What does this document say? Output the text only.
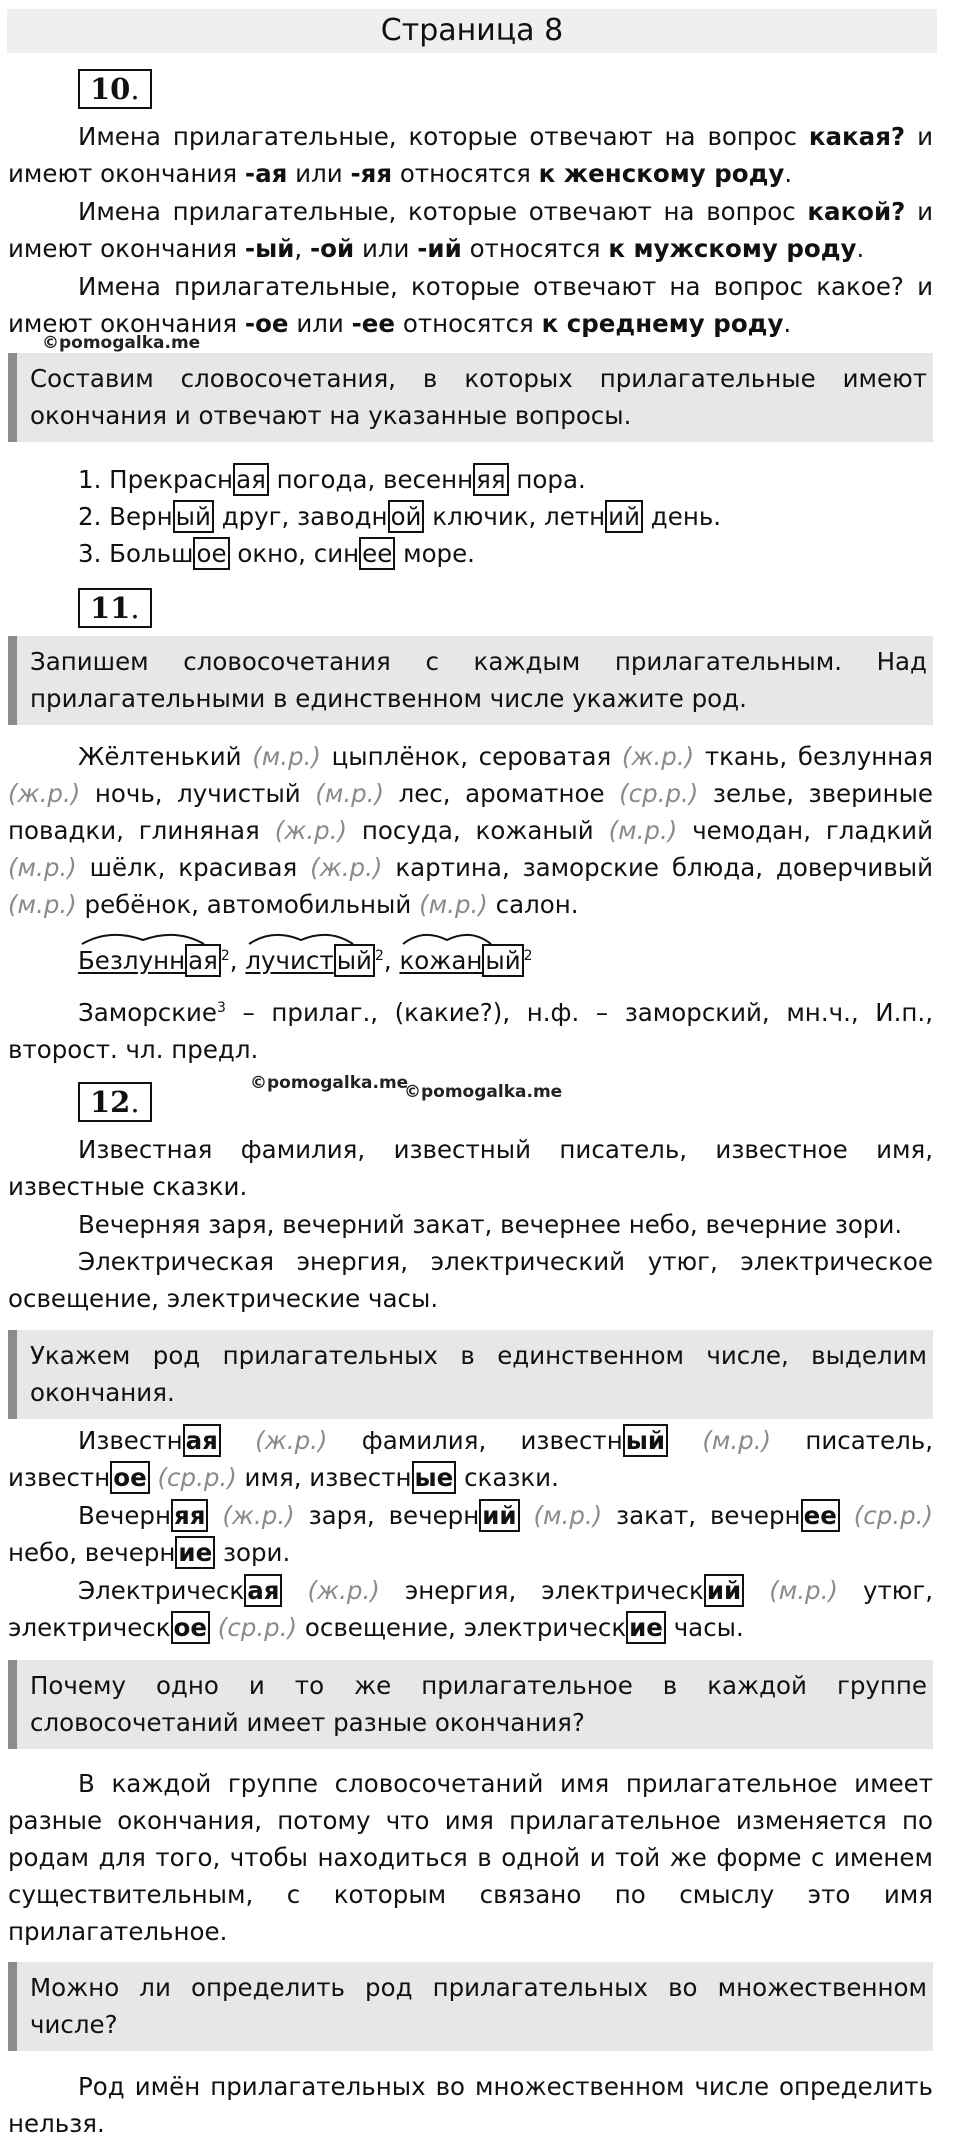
Страница 8
10.
Имена прилагательные, которые отвечают на вопрос какая? и имеют окончания -ая или -яя относятся к женскому роду.
Имена прилагательные, которые отвечают на вопрос какой? и имеют окончания -ый, -ой или -ий относятся к мужскому роду.
Имена прилагательные, которые отвечают на вопрос какое? и имеют окончания -ое или -ее относятся к среднему роду.
©pomogalka.me
Составим словосочетания, в которых прилагательные имеют окончания и отвечают на указанные вопросы.
1. Прекрасн ая погода, весенн яя пора.
2. Верн ый друг, заводн ой ключик, летн ий день.
3. Больш ое окно, син ее море.
11.
Запишем словосочетания с каждым прилагательным. Над прилагательными в единственном числе укажите род.
Жёлтенький (м.р.) цыплёнок, сероватая (ж.р.) ткань, безлунная (ж.р.) ночь, лучистый (м.р.) лес, ароматное (ср.р.) зелье, звериные повадки, глиняная (ж.р.) посуда, кожаный (м.р.) чемодан, гладкий (м.р.) шёлк, красивая (ж.р.) картина, заморские блюда, доверчивый (м.р.) ребёнок, автомобильный (м.р.) салон.
Безлунн ая $^2$,
лучист ый $^2$,
кожан ый $^2$
Заморские$^3$ – прилаг., (какие?), н.ф. – заморский, мн.ч., И.п., второст. чл. предл.
12.
©pomogalka.me
©pomogalka.me
Известная фамилия, известный писатель, известное имя, известные сказки.
Вечерняя заря, вечерний закат, вечернее небо, вечерние зори.
Электрическая энергия, электрический утюг, электрическое освещение, электрические часы.
Укажем род прилагательных в единственном числе, выделим окончания.
Известн ая (ж.р.) фамилия, известн ый (м.р.) писатель, известн ое (ср.р.) имя, известн ые сказки.
Вечерн яя (ж.р.) заря, вечерн ий (м.р.) закат, вечерн ее (ср.р.) небо, вечерн ие зори.
Электрическ ая (ж.р.) энергия, электрическ ий (м.р.) утюг, электрическ ое (ср.р.) освещение, электрическ ие часы.
Почему одно и то же прилагательное в каждой группе словосочетаний имеет разные окончания?
В каждой группе словосочетаний имя прилагательное имеет разные окончания, потому что имя прилагательное изменяется по родам для того, чтобы находиться в одной и той же форме с именем существительным, с которым связано по смыслу это имя прилагательное.
Можно ли определить род прилагательных во множественном числе?
Род имён прилагательных во множественном числе определить нельзя.
